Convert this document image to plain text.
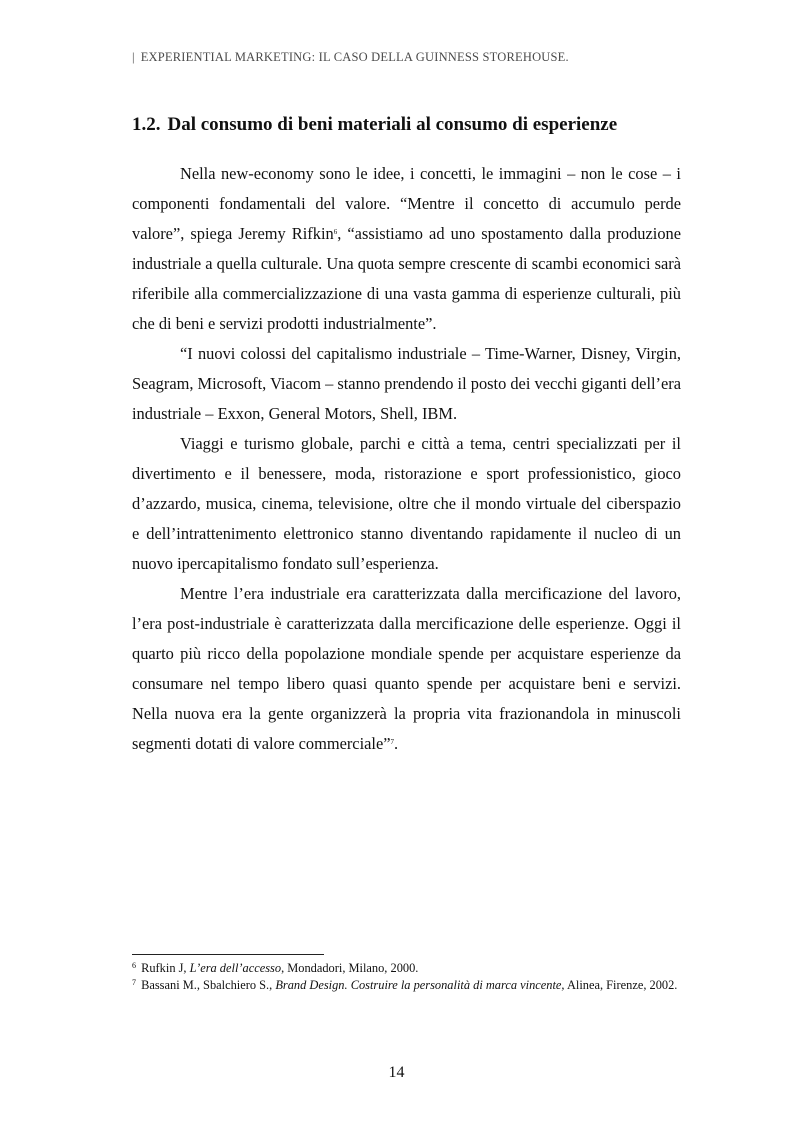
| EXPERIENTIAL MARKETING: IL CASO DELLA GUINNESS STOREHOUSE.
1.2. Dal consumo di beni materiali al consumo di esperienze

Nella new-economy sono le idee, i concetti, le immagini – non le cose – i componenti fondamentali del valore. “Mentre il concetto di accumulo perde valore”, spiega Jeremy Rifkin$^6$, “assistiamo ad uno spostamento dalla produzione industriale a quella culturale. Una quota sempre crescente di scambi economici sarà riferibile alla commercializzazione di una vasta gamma di esperienze culturali, più che di beni e servizi prodotti industrialmente”.

“I nuovi colossi del capitalismo industriale – Time-Warner, Disney, Virgin, Seagram, Microsoft, Viacom – stanno prendendo il posto dei vecchi giganti dell’era industriale – Exxon, General Motors, Shell, IBM.

Viaggi e turismo globale, parchi e città a tema, centri specializzati per il divertimento e il benessere, moda, ristorazione e sport professionistico, gioco d’azzardo, musica, cinema, televisione, oltre che il mondo virtuale del ciberspazio e dell’intrattenimento elettronico stanno diventando rapidamente il nucleo di un nuovo ipercapitalismo fondato sull’esperienza.

Mentre l’era industriale era caratterizzata dalla mercificazione del lavoro, l’era post-industriale è caratterizzata dalla mercificazione delle esperienze. Oggi il quarto più ricco della popolazione mondiale spende per acquistare esperienze da consumare nel tempo libero quasi quanto spende per acquistare beni e servizi. Nella nuova era la gente organizzerà la propria vita frazionandola in minuscoli segmenti dotati di valore commerciale”$^7$.

$^6$ Rufkin J, L’era dell’accesso, Mondadori, Milano, 2000.

$^7$ Bassani M., Sbalchiero S., Brand Design. Costruire la personalità di marca vincente, Alinea, Firenze, 2002.

14
